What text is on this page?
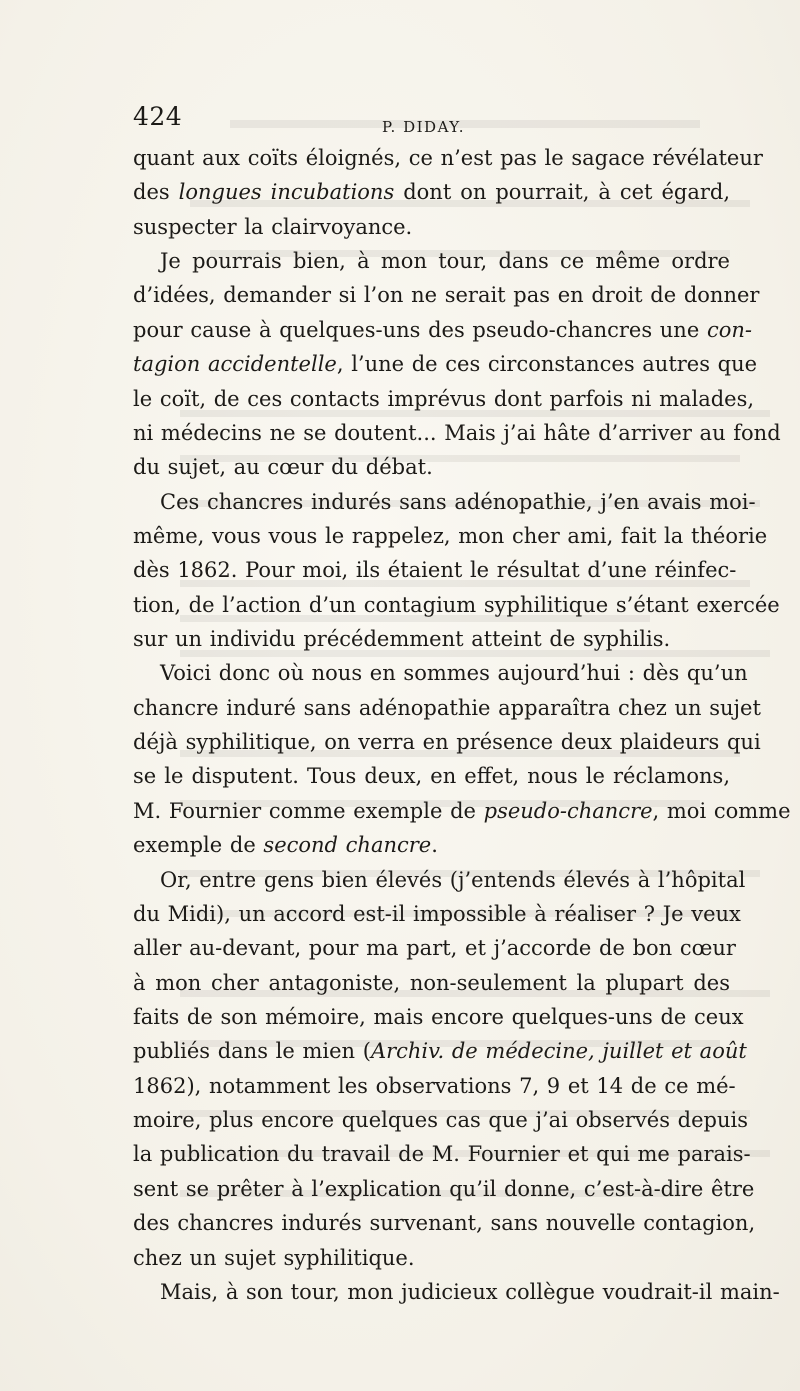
424	P. DIDAY.
quant aux coïts éloignés, ce n’est pas le sagace révélateur
des longues incubations dont on pourrait, à cet égard,
suspecter la clairvoyance.
Je pourrais bien, à mon tour, dans ce même ordre
d’idées, demander si l’on ne serait pas en droit de donner
pour cause à quelques-uns des pseudo-chancres une con-
tagion accidentelle, l’une de ces circonstances autres que
le coït, de ces contacts imprévus dont parfois ni malades,
ni médecins ne se doutent... Mais j’ai hâte d’arriver au fond
du sujet, au cœur du débat.
Ces chancres indurés sans adénopathie, j’en avais moi-
même, vous vous le rappelez, mon cher ami, fait la théorie
dès 1862. Pour moi, ils étaient le résultat d’une réinfec-
tion, de l’action d’un contagium syphilitique s’étant exercée
sur un individu précédemment atteint de syphilis.
Voici donc où nous en sommes aujourd’hui : dès qu’un
chancre induré sans adénopathie apparaîtra chez un sujet
déjà syphilitique, on verra en présence deux plaideurs qui
se le disputent. Tous deux, en effet, nous le réclamons,
M. Fournier comme exemple de pseudo-chancre, moi comme
exemple de second chancre.
Or, entre gens bien élevés (j’entends élevés à l’hôpital
du Midi), un accord est-il impossible à réaliser ? Je veux
aller au-devant, pour ma part, et j’accorde de bon cœur
à mon cher antagoniste, non-seulement la plupart des
faits de son mémoire, mais encore quelques-uns de ceux
publiés dans le mien (Archiv. de médecine, juillet et août
1862), notamment les observations 7, 9 et 14 de ce mé-
moire, plus encore quelques cas que j’ai observés depuis
la publication du travail de M. Fournier et qui me parais-
sent se prêter à l’explication qu’il donne, c’est-à-dire être
des chancres indurés survenant, sans nouvelle contagion,
chez un sujet syphilitique.
Mais, à son tour, mon judicieux collègue voudrait-il main-
